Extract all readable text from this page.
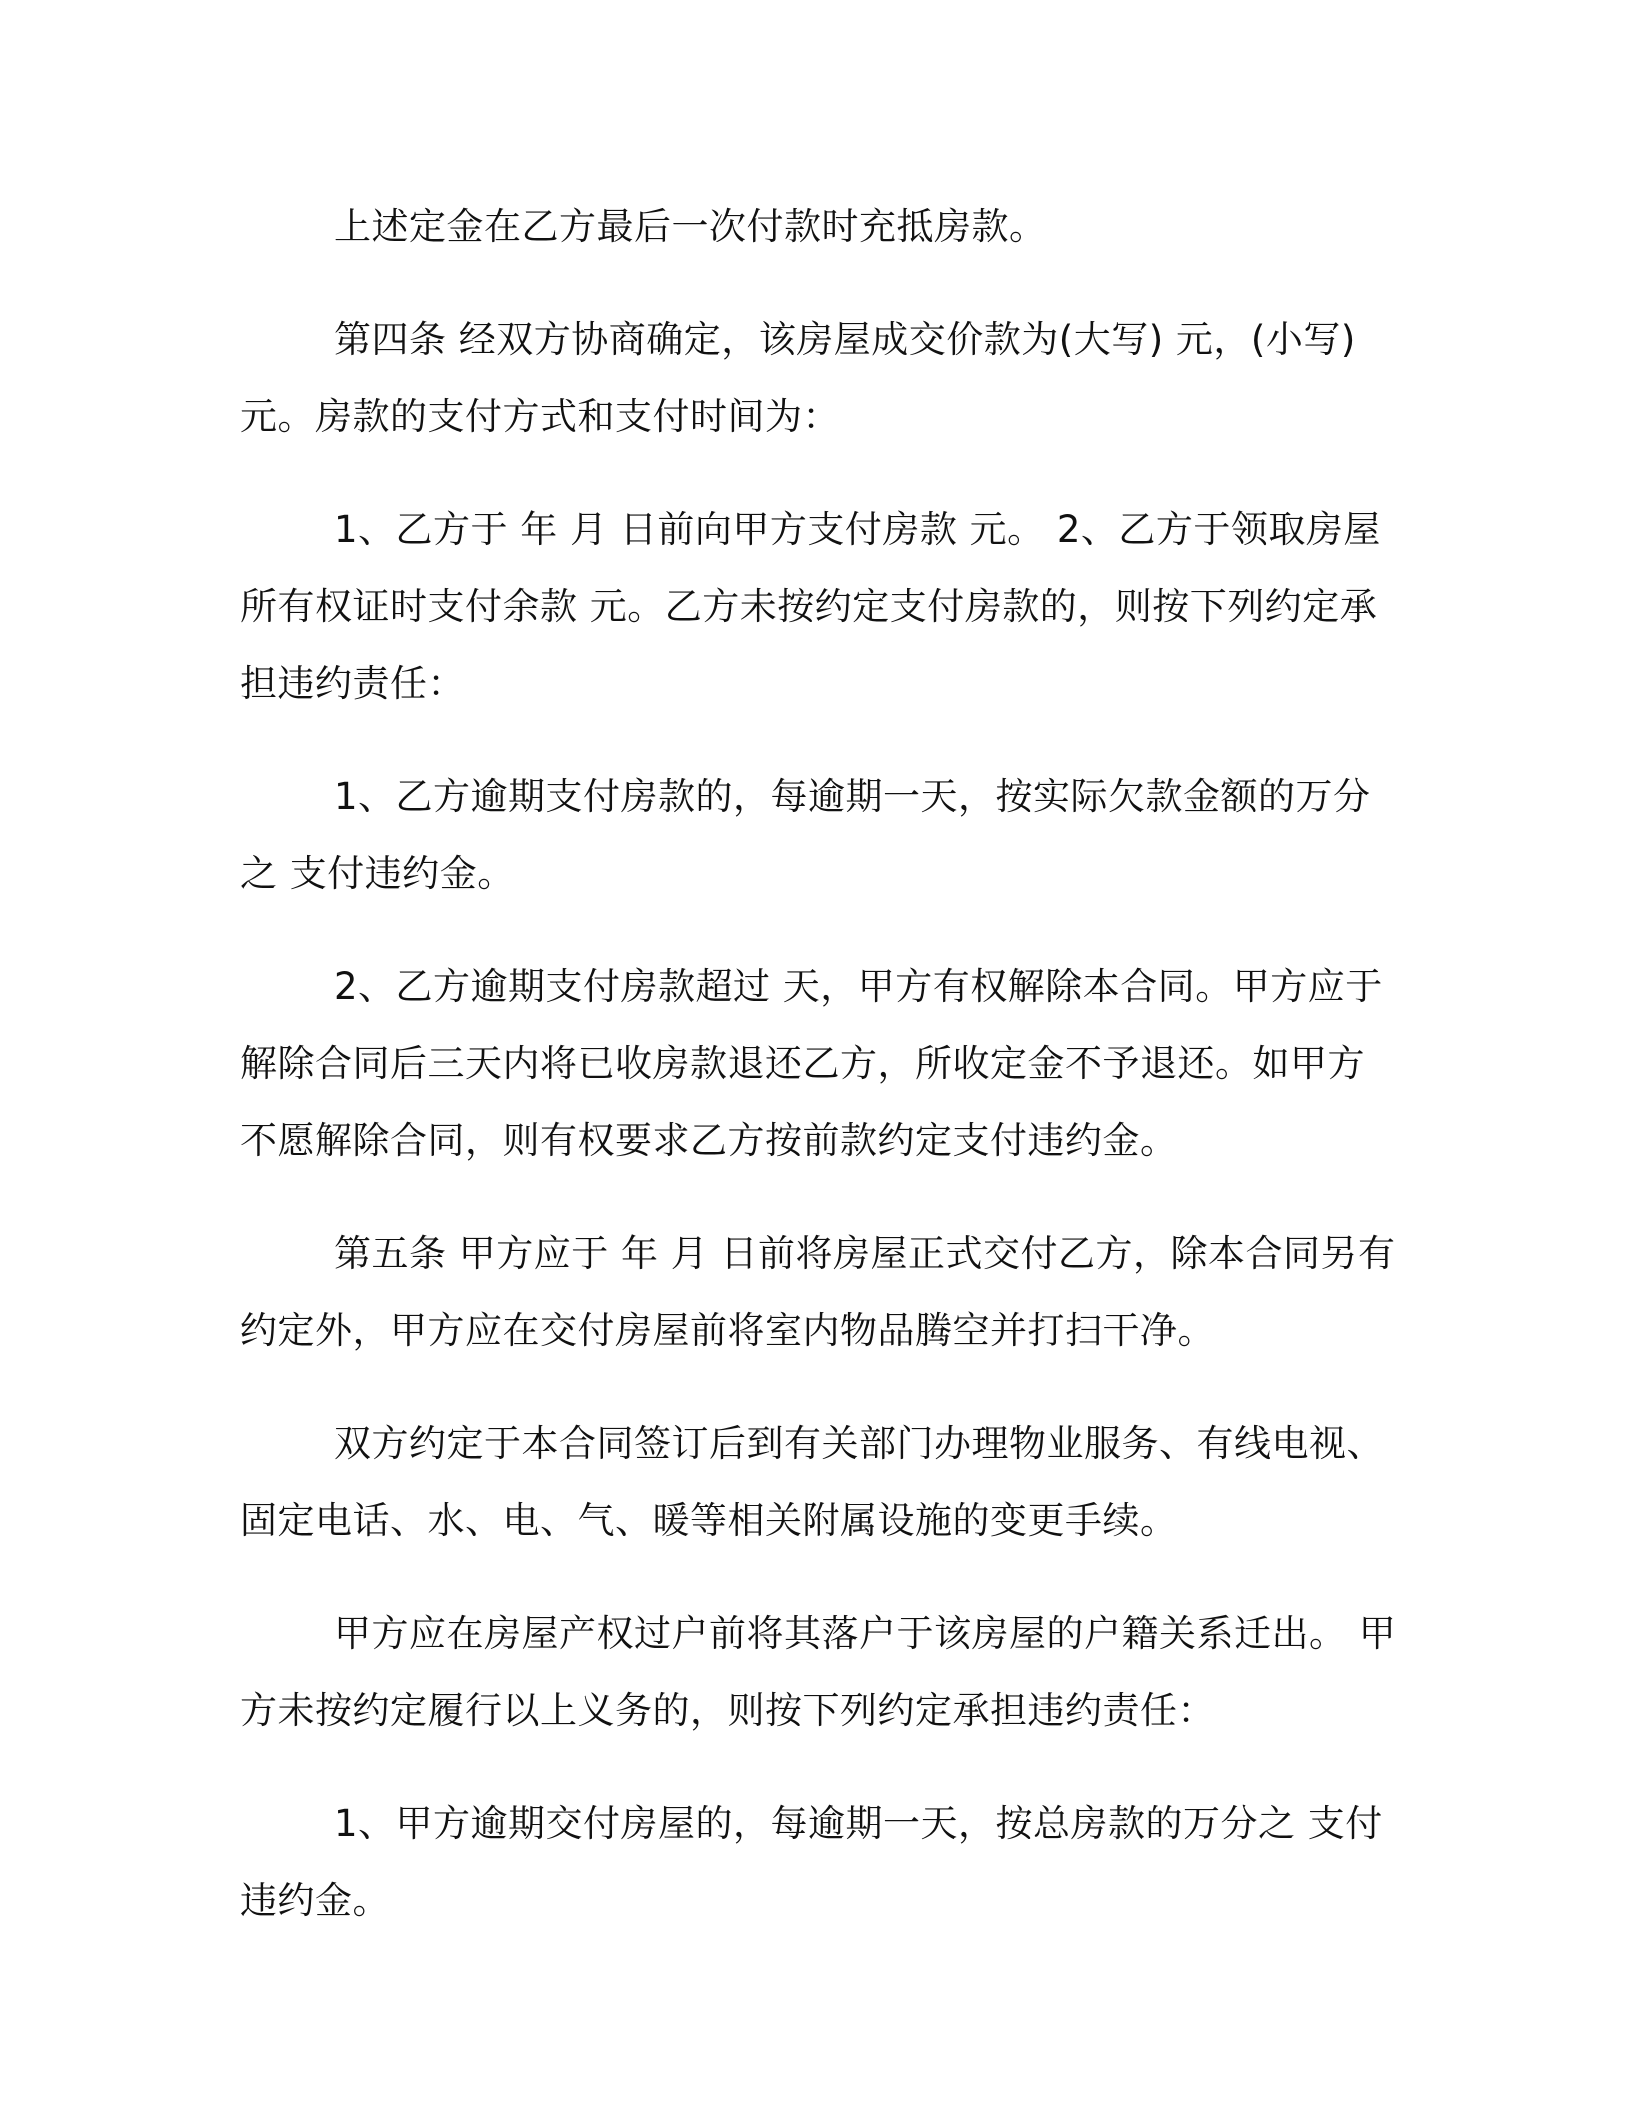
上述定金在乙方最后一次付款时充抵房款。

第四条 经双方协商确定，该房屋成交价款为(大写) 元，(小写) 元。房款的支付方式和支付时间为：

1、乙方于 年 月 日前向甲方支付房款 元。 2、乙方于领取房屋所有权证时支付余款 元。乙方未按约定支付房款的，则按下列约定承担违约责任：

1、乙方逾期支付房款的，每逾期一天，按实际欠款金额的万分之 支付违约金。

2、乙方逾期支付房款超过 天，甲方有权解除本合同。甲方应于解除合同后三天内将已收房款退还乙方，所收定金不予退还。如甲方不愿解除合同，则有权要求乙方按前款约定支付违约金。

第五条 甲方应于 年 月 日前将房屋正式交付乙方，除本合同另有约定外，甲方应在交付房屋前将室内物品腾空并打扫干净。

双方约定于本合同签订后到有关部门办理物业服务、有线电视、固定电话、水、电、气、暖等相关附属设施的变更手续。

甲方应在房屋产权过户前将其落户于该房屋的户籍关系迁出。 甲方未按约定履行以上义务的，则按下列约定承担违约责任：

1、甲方逾期交付房屋的，每逾期一天，按总房款的万分之 支付违约金。
